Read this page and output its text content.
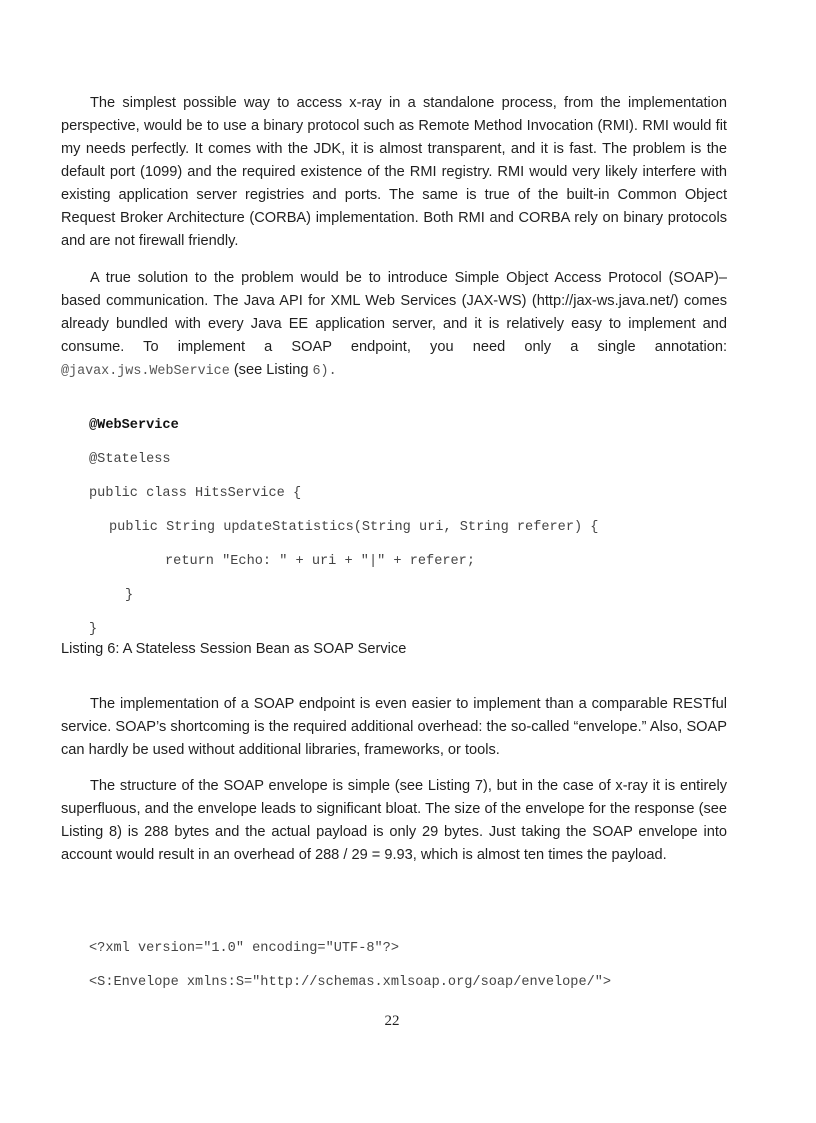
The simplest possible way to access x-ray in a standalone process, from the implementation perspective, would be to use a binary protocol such as Remote Method Invocation (RMI). RMI would fit my needs perfectly. It comes with the JDK, it is almost transparent, and it is fast. The problem is the default port (1099) and the required existence of the RMI registry. RMI would very likely interfere with existing application server registries and ports. The same is true of the built-in Common Object Request Broker Architecture (CORBA) implementation. Both RMI and CORBA rely on binary protocols and are not firewall friendly.

A true solution to the problem would be to introduce Simple Object Access Protocol (SOAP)–based communication. The Java API for XML Web Services (JAX-WS) (http://jax-ws.java.net/) comes already bundled with every Java EE application server, and it is relatively easy to implement and consume. To implement a SOAP endpoint, you need only a single annotation: @javax.jws.WebService (see Listing 6).

@WebService
@Stateless
public class HitsService {
public String updateStatistics(String uri, String referer) {
return "Echo: " + uri + "|" + referer;
}
}

Listing 6: A Stateless Session Bean as SOAP Service

The implementation of a SOAP endpoint is even easier to implement than a comparable RESTful service. SOAP’s shortcoming is the required additional overhead: the so-called “envelope.” Also, SOAP can hardly be used without additional libraries, frameworks, or tools.

The structure of the SOAP envelope is simple (see Listing 7), but in the case of x-ray it is entirely superfluous, and the envelope leads to significant bloat. The size of the envelope for the response (see Listing 8) is 288 bytes and the actual payload is only 29 bytes. Just taking the SOAP envelope into account would result in an overhead of 288 / 29 = 9.93, which is almost ten times the payload.

<?xml version="1.0" encoding="UTF-8"?>
<S:Envelope xmlns:S="http://schemas.xmlsoap.org/soap/envelope/">

22
